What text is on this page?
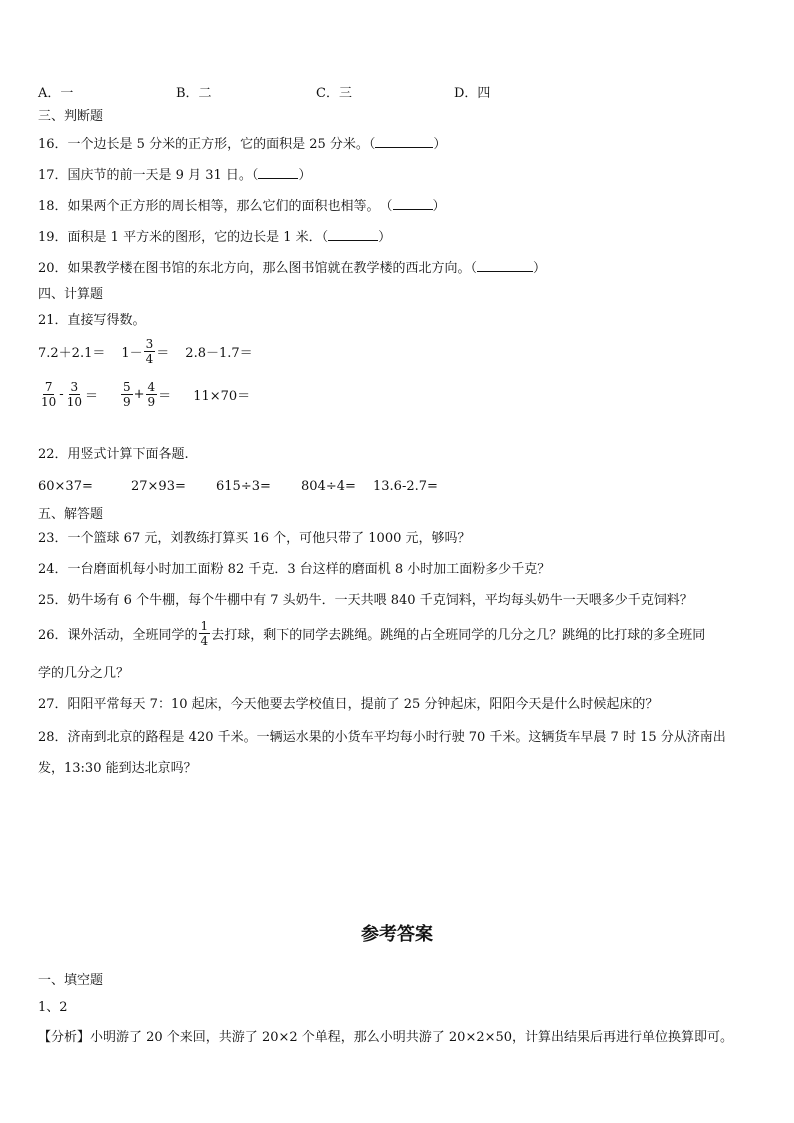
A．一	B．二	C．三	D．四
三、判断题
16．一个边长是 5 分米的正方形，它的面积是 25 分米。（	）
17．国庆节的前一天是 9 月 31 日。（	）
18．如果两个正方形的周长相等，那么它们的面积也相等。　（	）
19．面积是 1 平方米的图形，它的边长是 1 米．（	）
20．如果教学楼在图书馆的东北方向，那么图书馆就在教学楼的西北方向。（	）
四、计算题
21．直接写得数。
$7.2+2.1= 1- \frac{3}{4} = 2.8-1.7=$
$\frac{7}{10} - \frac{3}{10} = \frac{5}{9} + \frac{4}{9} = 11\times 70=$
22．用竖式计算下面各题.
60×37=	27×93= 615÷3= 804÷4= 13.6-2.7=
五、解答题
23．一个篮球 67 元，刘教练打算买 16 个，可他只带了 1000 元，够吗？
24．一台磨面机每小时加工面粉 82 千克．3 台这样的磨面机 8 小时加工面粉多少千克？
25．奶牛场有 6 个牛棚，每个牛棚中有 7 头奶牛．一天共喂 840 千克饲料，平均每头奶牛一天喂多少千克饲料？
26．课外活动，全班同学的 $\frac{1}{4}$ 去打球，剩下的同学去跳绳。跳绳的占全班同学的几分之几？跳绳的比打球的多全班同
学的几分之几？
27．阳阳平常每天 7：10 起床，今天他要去学校值日，提前了 25 分钟起床，阳阳今天是什么时候起床的？
28．济南到北京的路程是 420 千米。一辆运水果的小货车平均每小时行驶 70 千米。这辆货车早晨 7 时 15 分从济南出
发，13:30 能到达北京吗？
参考答案
一、填空题
1、2
【分析】小明游了 20 个来回，共游了 20×2 个单程，那么小明共游了 20×2×50，计算出结果后再进行单位换算即可。
